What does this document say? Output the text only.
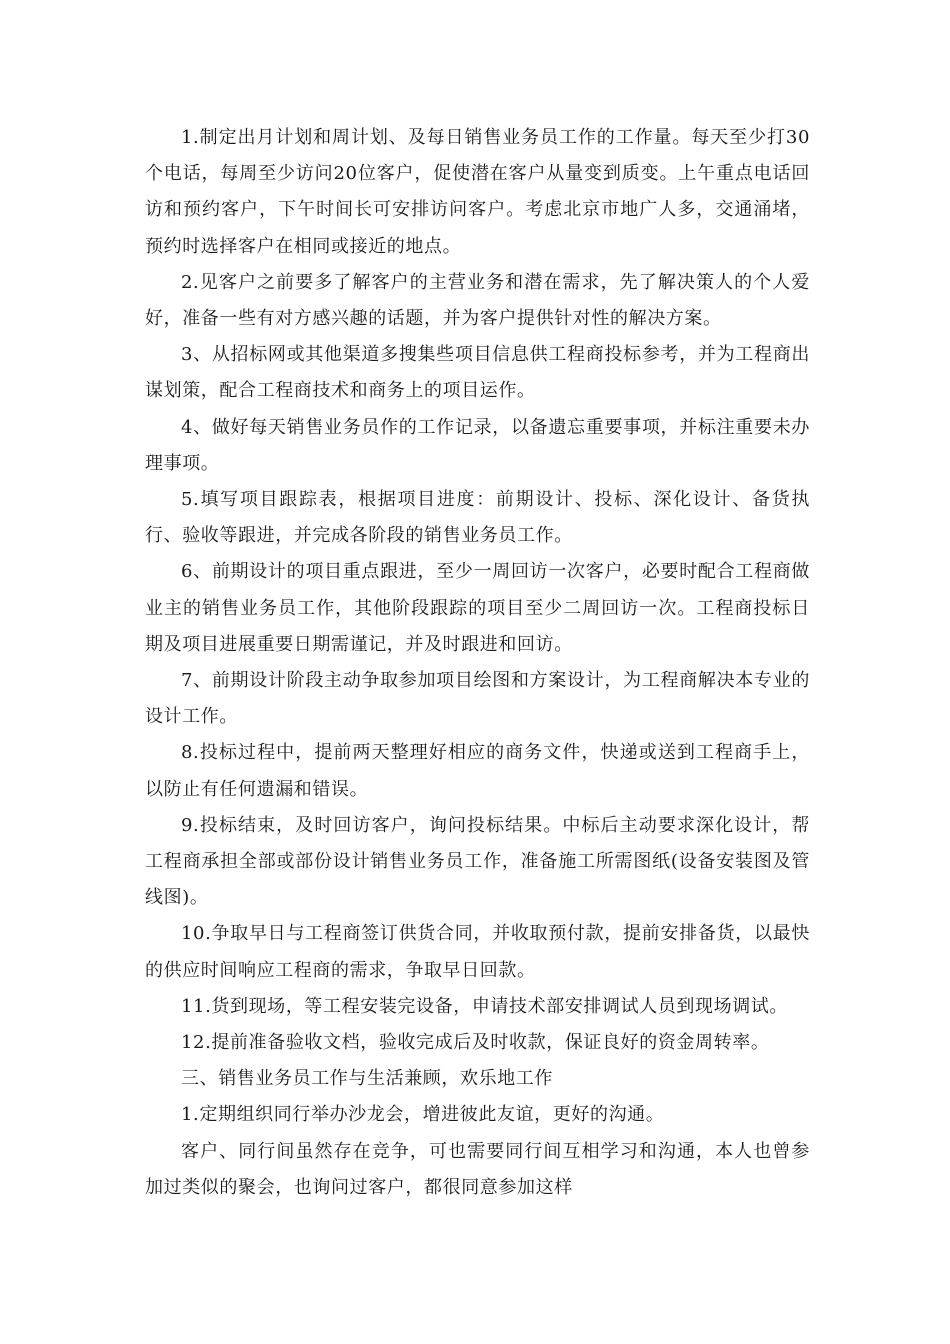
1.制定出月计划和周计划、及每日销售业务员工作的工作量。每天至少打30个电话，每周至少访问20位客户，促使潜在客户从量变到质变。上午重点电话回访和预约客户，下午时间长可安排访问客户。考虑北京市地广人多，交通涌堵，预约时选择客户在相同或接近的地点。

2.见客户之前要多了解客户的主营业务和潜在需求，先了解决策人的个人爱好，准备一些有对方感兴趣的话题，并为客户提供针对性的解决方案。

3、从招标网或其他渠道多搜集些项目信息供工程商投标参考，并为工程商出谋划策，配合工程商技术和商务上的项目运作。

4、做好每天销售业务员作的工作记录，以备遗忘重要事项，并标注重要未办理事项。

5.填写项目跟踪表，根据项目进度：前期设计、投标、深化设计、备货执行、验收等跟进，并完成各阶段的销售业务员工作。

6、前期设计的项目重点跟进，至少一周回访一次客户，必要时配合工程商做业主的销售业务员工作，其他阶段跟踪的项目至少二周回访一次。工程商投标日期及项目进展重要日期需谨记，并及时跟进和回访。

7、前期设计阶段主动争取参加项目绘图和方案设计，为工程商解决本专业的设计工作。

8.投标过程中，提前两天整理好相应的商务文件，快递或送到工程商手上，以防止有任何遗漏和错误。

9.投标结束，及时回访客户，询问投标结果。中标后主动要求深化设计，帮工程商承担全部或部份设计销售业务员工作，准备施工所需图纸(设备安装图及管线图)。

10.争取早日与工程商签订供货合同，并收取预付款，提前安排备货，以最快的供应时间响应工程商的需求，争取早日回款。

11.货到现场，等工程安装完设备，申请技术部安排调试人员到现场调试。

12.提前准备验收文档，验收完成后及时收款，保证良好的资金周转率。

三、销售业务员工作与生活兼顾，欢乐地工作

1.定期组织同行举办沙龙会，增进彼此友谊，更好的沟通。

客户、同行间虽然存在竞争，可也需要同行间互相学习和沟通，本人也曾参加过类似的聚会，也询问过客户，都很同意参加这样
